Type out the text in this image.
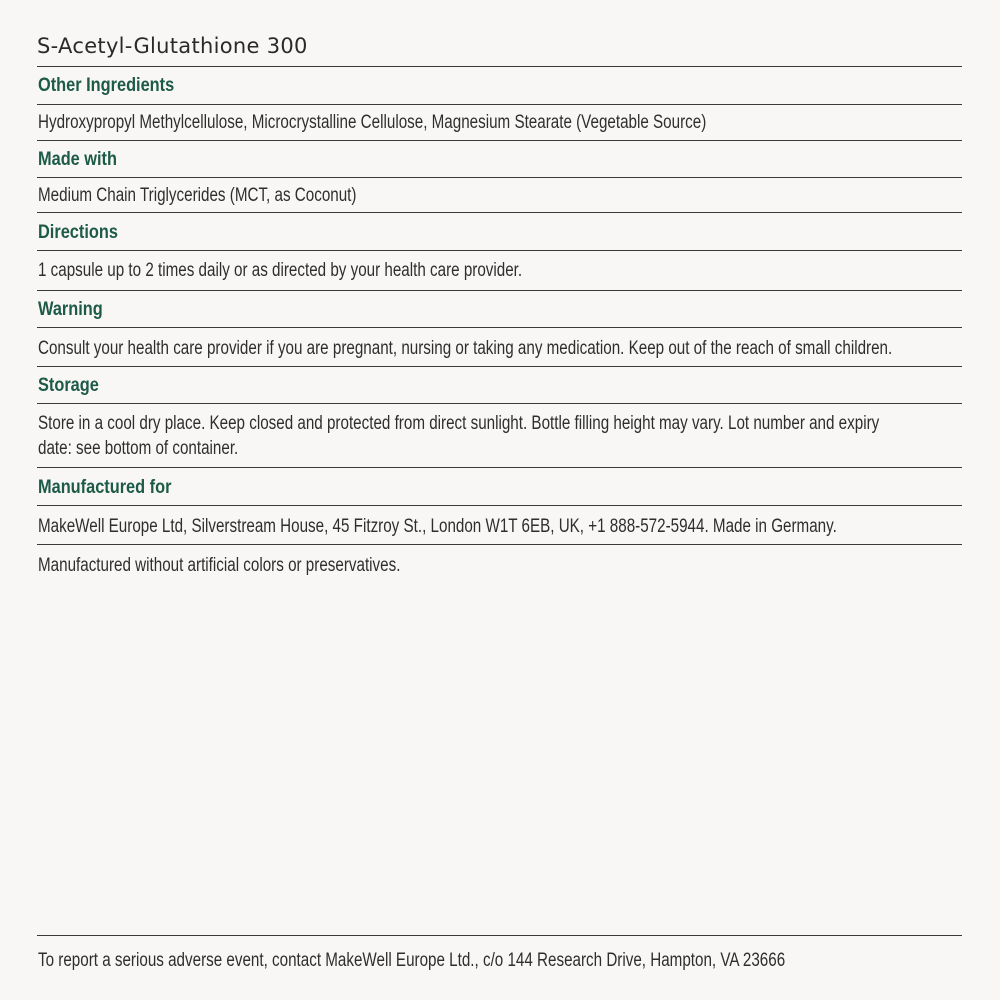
S-Acetyl-Glutathione 300
Other Ingredients
Hydroxypropyl Methylcellulose, Microcrystalline Cellulose, Magnesium Stearate (Vegetable Source)
Made with
Medium Chain Triglycerides (MCT, as Coconut)
Directions
1 capsule up to 2 times daily or as directed by your health care provider.
Warning
Consult your health care provider if you are pregnant, nursing or taking any medication. Keep out of the reach of small children.
Storage
Store in a cool dry place. Keep closed and protected from direct sunlight. Bottle filling height may vary. Lot number and expiry date: see bottom of container.
Manufactured for
MakeWell Europe Ltd, Silverstream House, 45 Fitzroy St., London W1T 6EB, UK, +1 888-572-5944. Made in Germany.
Manufactured without artificial colors or preservatives.
To report a serious adverse event, contact MakeWell Europe Ltd., c/o 144 Research Drive, Hampton, VA 23666
